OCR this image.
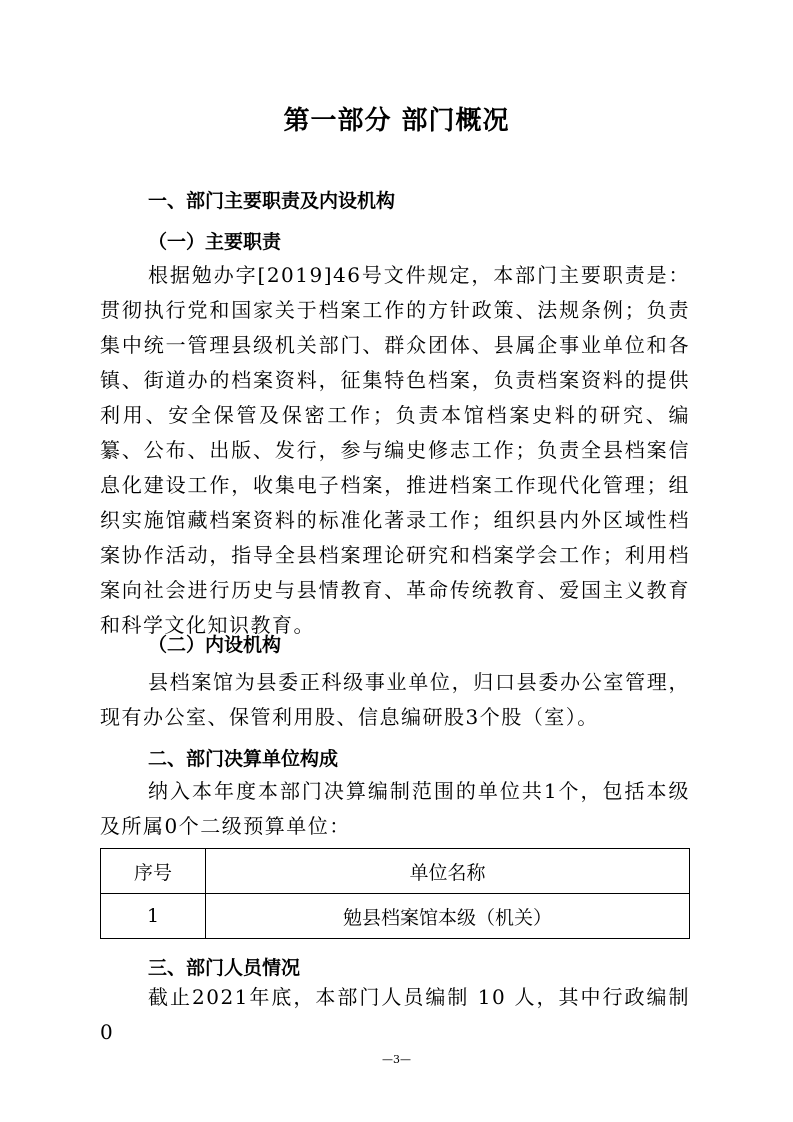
第一部分 部门概况
一、部门主要职责及内设机构
（一）主要职责
根据勉办字[2019]46号文件规定，本部门主要职责是：贯彻执行党和国家关于档案工作的方针政策、法规条例；负责集中统一管理县级机关部门、群众团体、县属企事业单位和各镇、街道办的档案资料，征集特色档案，负责档案资料的提供利用、安全保管及保密工作；负责本馆档案史料的研究、编纂、公布、出版、发行，参与编史修志工作；负责全县档案信息化建设工作，收集电子档案，推进档案工作现代化管理；组织实施馆藏档案资料的标准化著录工作；组织县内外区域性档案协作活动，指导全县档案理论研究和档案学会工作；利用档案向社会进行历史与县情教育、革命传统教育、爱国主义教育和科学文化知识教育。
（二）内设机构
县档案馆为县委正科级事业单位，归口县委办公室管理，现有办公室、保管利用股、信息编研股3个股（室）。
二、部门决算单位构成
纳入本年度本部门决算编制范围的单位共1个，包括本级及所属0个二级预算单位：
序号	单位名称
1	勉县档案馆本级（机关）
三、部门人员情况
截止2021年底，本部门人员编制 10 人，其中行政编制0
—3—
